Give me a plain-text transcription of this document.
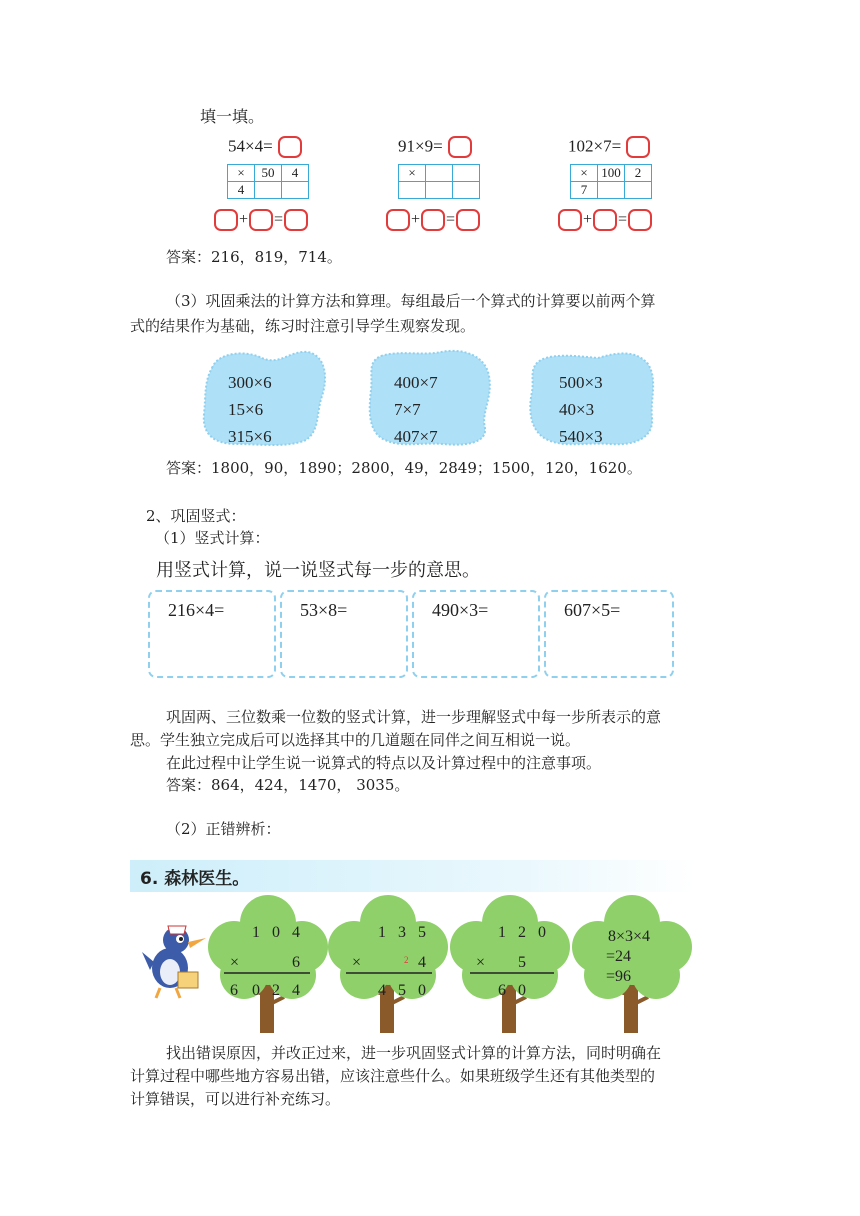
填一填。
54×4=
×	50	4
4		
+ =
91×9=
×		

+ =
102×7=
×	100	2
7		
+ =
答案：216，819，714。
（3）巩固乘法的计算方法和算理。每组最后一个算式的计算要以前两个算
式的结果作为基础，练习时注意引导学生观察发现。
300×6
15×6
315×6
400×7
7×7
407×7
500×3
40×3
540×3
答案：1800，90，1890；2800，49，2849；1500，120，1620。
2、巩固竖式：
（1）竖式计算：
用竖式计算，说一说竖式每一步的意思。
216×4=	53×8=	490×3=	607×5=
巩固两、三位数乘一位数的竖式计算，进一步理解竖式中每一步所表示的意
思。学生独立完成后可以选择其中的几道题在同伴之间互相说一说。
在此过程中让学生说一说算式的特点以及计算过程中的注意事项。
答案：864，424，1470， 3035。
（2）正错辨析：
6. 森林医生。
1 0 4
×	6
6 0 2 4
1 3 5
×	2 4
4 5 0
1 2 0
× 5
6 0
8×3×4
=24
=96
找出错误原因，并改正过来，进一步巩固竖式计算的计算方法，同时明确在
计算过程中哪些地方容易出错，应该注意些什么。如果班级学生还有其他类型的
计算错误，可以进行补充练习。
